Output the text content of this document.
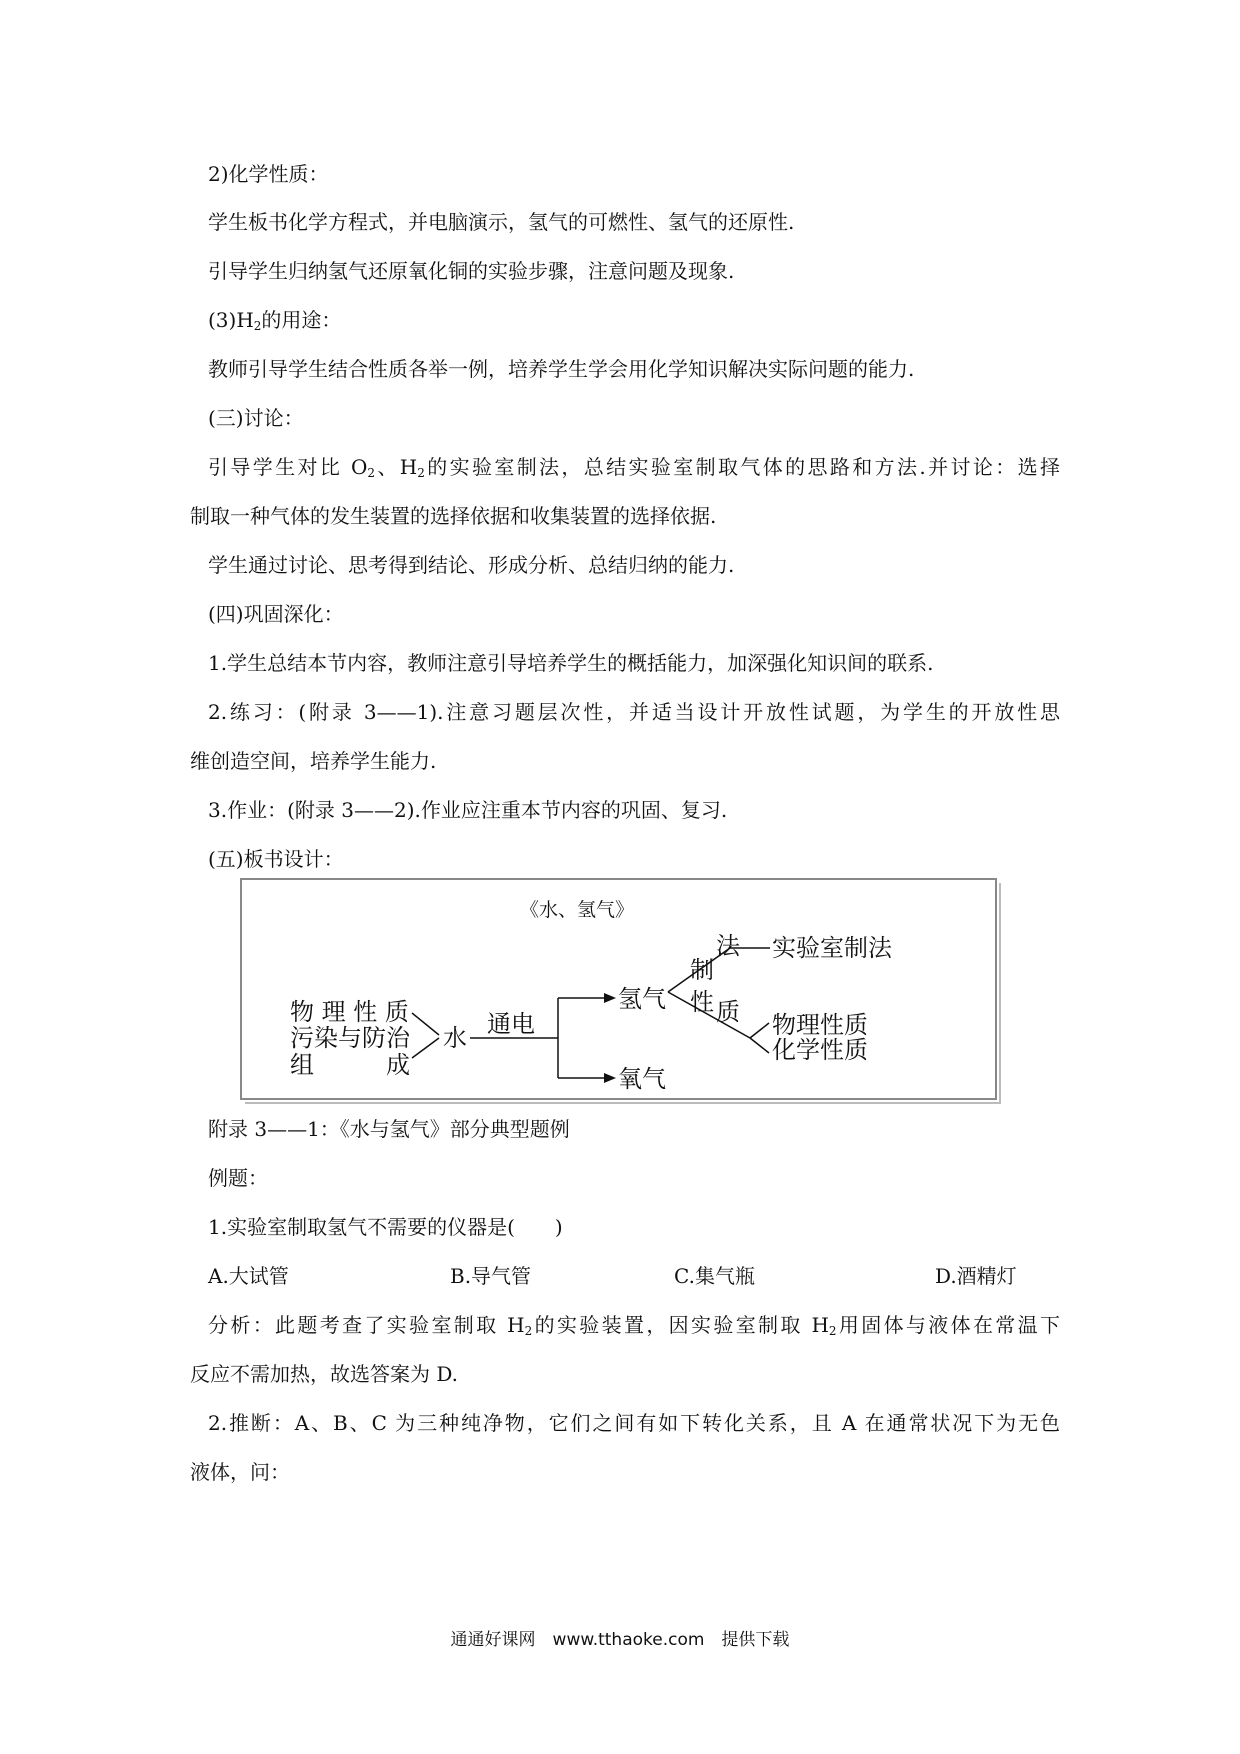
2)化学性质：
学生板书化学方程式，并电脑演示，氢气的可燃性、氢气的还原性.
引导学生归纳氢气还原氧化铜的实验步骤，注意问题及现象.
$(3)H_2$的用途：
教师引导学生结合性质各举一例，培养学生学会用化学知识解决实际问题的能力.
(三)讨论：
引导学生对比 $O_2$、$H_2$的实验室制法，总结实验室制取气体的思路和方法.并讨论：选择
制取一种气体的发生装置的选择依据和收集装置的选择依据.
学生通过讨论、思考得到结论、形成分析、总结归纳的能力.
(四)巩固深化：
1.学生总结本节内容，教师注意引导培养学生的概括能力，加深强化知识间的联系.
2.练习：(附录 3——1).注意习题层次性，并适当设计开放性试题，为学生的开放性思
维创造空间，培养学生能力.
3.作业：(附录 3——2).作业应注重本节内容的巩固、复习.
(五)板书设计：
《水、氢气》
物 理 性 质
污染与防治
组　　　成
水 通电
氢气
氧气
制
法 实验室制法
性 质 物理性质
化学性质
附录 3——1：《水与氢气》部分典型题例
例题：
1.实验室制取氢气不需要的仪器是(　　)
A.大试管	B.导气管	C.集气瓶	D.酒精灯
分析：此题考查了实验室制取 $H_2$的实验装置，因实验室制取 $H_2$用固体与液体在常温下
反应不需加热，故选答案为 D.
2.推断：A、B、C 为三种纯净物，它们之间有如下转化关系，且 A 在通常状况下为无色
液体，问：
通通好课网　www.tthaoke.com　提供下载
